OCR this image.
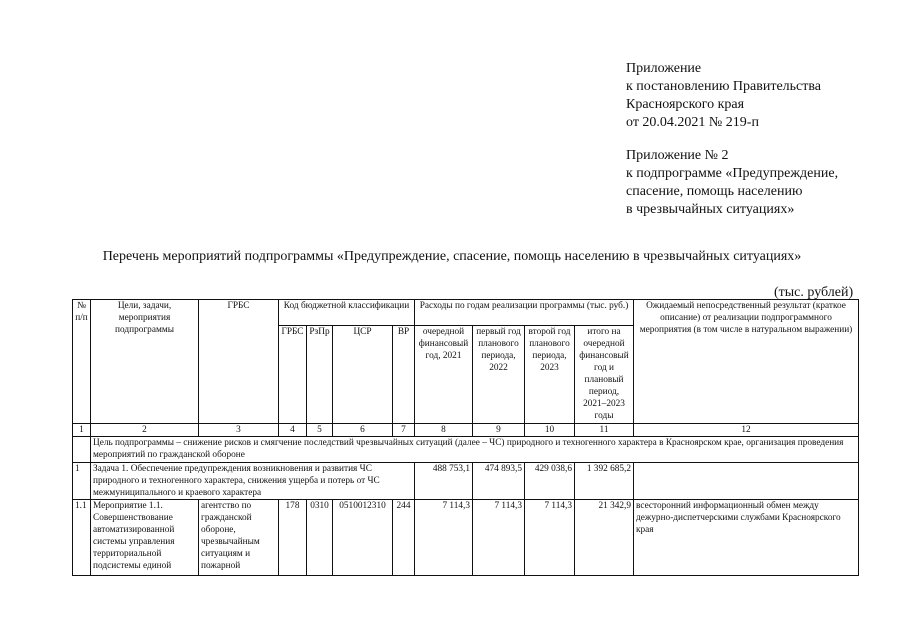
Приложение
к постановлению Правительства
Красноярского края
от 20.04.2021 № 219-п
Приложение № 2
к подпрограмме «Предупреждение,
спасение, помощь населению
в чрезвычайных ситуациях»
Перечень мероприятий подпрограммы «Предупреждение, спасение, помощь населению в чрезвычайных ситуациях»
(тыс. рублей)
№ п/п	Цели, задачи, мероприятия подпрограммы	ГРБС	Код бюджетной классификации				Расходы по годам реализации программы (тыс. руб.)				Ожидаемый непосредственный результат (краткое описание) от реализации подпрограммного мероприятия (в том числе в натуральном выражении)
			ГРБС	РзПр	ЦСР	ВР	очередной финансовый год, 2021	первый год планового периода, 2022	второй год планового периода, 2023	итого на очередной финансовый год и плановый период, 2021–2023 годы	
1	2	3	4	5	6	7	8	9	10	11	12
	Цель подпрограммы – снижение рисков и смягчение последствий чрезвычайных ситуаций (далее – ЧС) природного и техногенного характера в Красноярском крае, организация проведения мероприятий по гражданской обороне										
1	Задача 1. Обеспечение предупреждения возникновения и развития ЧС природного и техногенного характера, снижения ущерба и потерь от ЧС межмуниципального и краевого характера						488 753,1	474 893,5	429 038,6	1 392 685,2	
1.1	Мероприятие 1.1. Совершенствование автоматизированной системы управления территориальной подсистемы единой	агентство по гражданской обороне, чрезвычайным ситуациям и пожарной	178	0310	0510012310	244	7 114,3	7 114,3	7 114,3	21 342,9	всесторонний информационный обмен между дежурно-диспетчерскими службами Красноярского края
